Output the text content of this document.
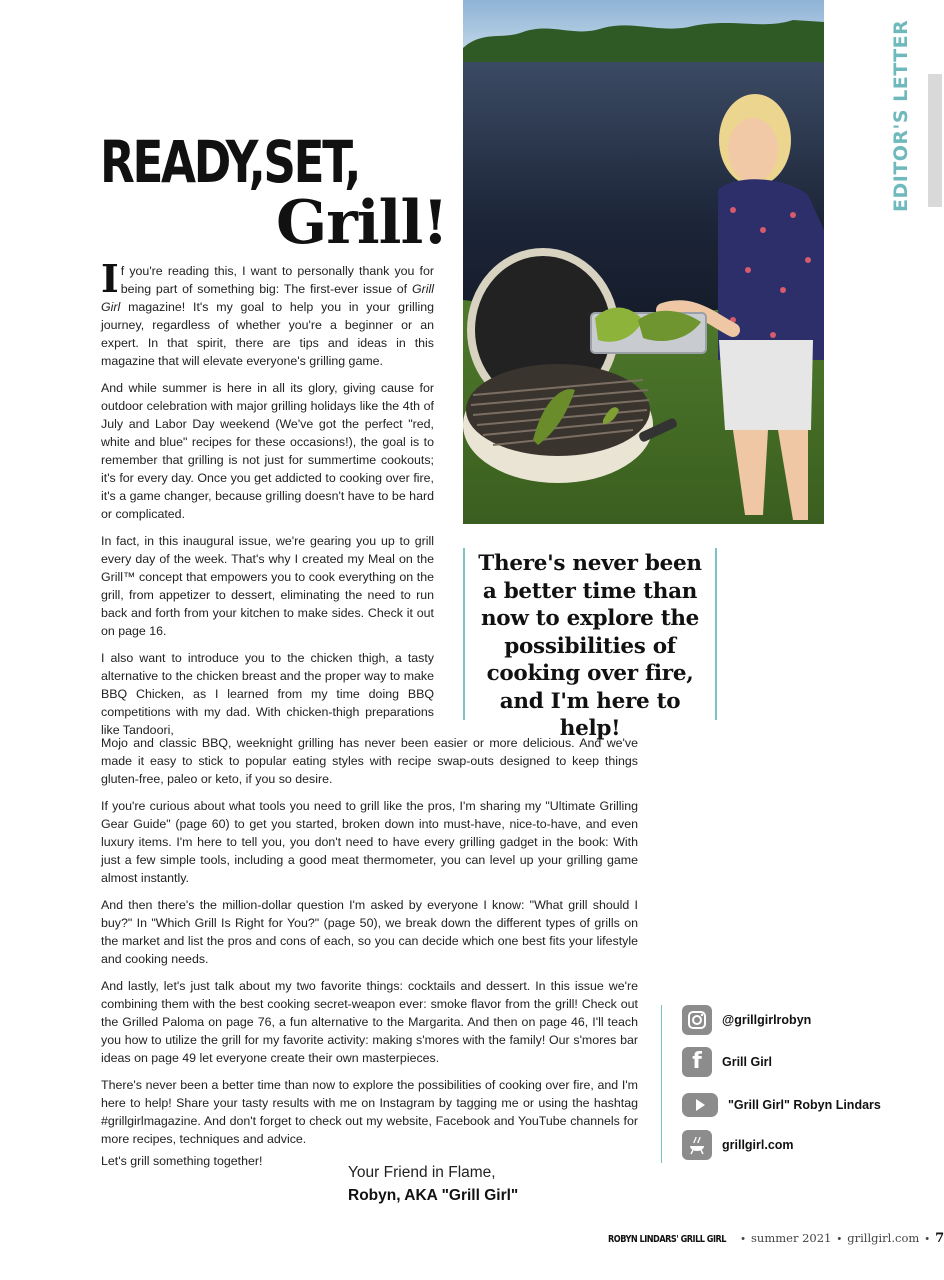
EDITOR'S LETTER
READY,SET,
Grill!

If you're reading this, I want to personally thank you for being part of something big: The first-ever issue of Grill Girl magazine! It's my goal to help you in your grilling journey, regardless of whether you're a beginner or an expert. In that spirit, there are tips and ideas in this magazine that will elevate everyone's grilling game.

And while summer is here in all its glory, giving cause for outdoor celebration with major grilling holidays like the 4th of July and Labor Day weekend (We've got the perfect "red, white and blue" recipes for these occasions!), the goal is to remember that grilling is not just for summertime cookouts; it's for every day. Once you get addicted to cooking over fire, it's a game changer, because grilling doesn't have to be hard or complicated.

In fact, in this inaugural issue, we're gearing you up to grill every day of the week. That's why I created my Meal on the Grill™ concept that empowers you to cook everything on the grill, from appetizer to dessert, eliminating the need to run back and forth from your kitchen to make sides. Check it out on page 16.

I also want to introduce you to the chicken thigh, a tasty alternative to the chicken breast and the proper way to make BBQ Chicken, as I learned from my time doing BBQ competitions with my dad. With chicken-thigh preparations like Tandoori,

There's never been a better time than now to explore the possibilities of cooking over fire, and I'm here to help!

Mojo and classic BBQ, weeknight grilling has never been easier or more delicious. And we've made it easy to stick to popular eating styles with recipe swap-outs designed to keep things gluten-free, paleo or keto, if you so desire.

If you're curious about what tools you need to grill like the pros, I'm sharing my "Ultimate Grilling Gear Guide" (page 60) to get you started, broken down into must-have, nice-to-have, and even luxury items. I'm here to tell you, you don't need to have every grilling gadget in the book: With just a few simple tools, including a good meat thermometer, you can level up your grilling game almost instantly.

And then there's the million-dollar question I'm asked by everyone I know: "What grill should I buy?" In "Which Grill Is Right for You?" (page 50), we break down the different types of grills on the market and list the pros and cons of each, so you can decide which one best fits your lifestyle and cooking needs.

And lastly, let's just talk about my two favorite things: cocktails and dessert. In this issue we're combining them with the best cooking secret-weapon ever: smoke flavor from the grill! Check out the Grilled Paloma on page 76, a fun alternative to the Margarita. And then on page 46, I'll teach you how to utilize the grill for my favorite activity: making s'mores with the family! Our s'mores bar ideas on page 49 let everyone create their own masterpieces.

There's never been a better time than now to explore the possibilities of cooking over fire, and I'm here to help! Share your tasty results with me on Instagram by tagging me or using the hashtag #grillgirlmagazine. And don't forget to check out my website, Facebook and YouTube channels for more recipes, techniques and advice.

Let's grill something together!
Your Friend in Flame,
Robyn, AKA "Grill Girl"
@grillgirlrobyn
f Grill Girl
"Grill Girl" Robyn Lindars
grillgirl.com
ROBYN LINDARS' GRILL GIRL • summer 2021 • grillgirl.com • 7
